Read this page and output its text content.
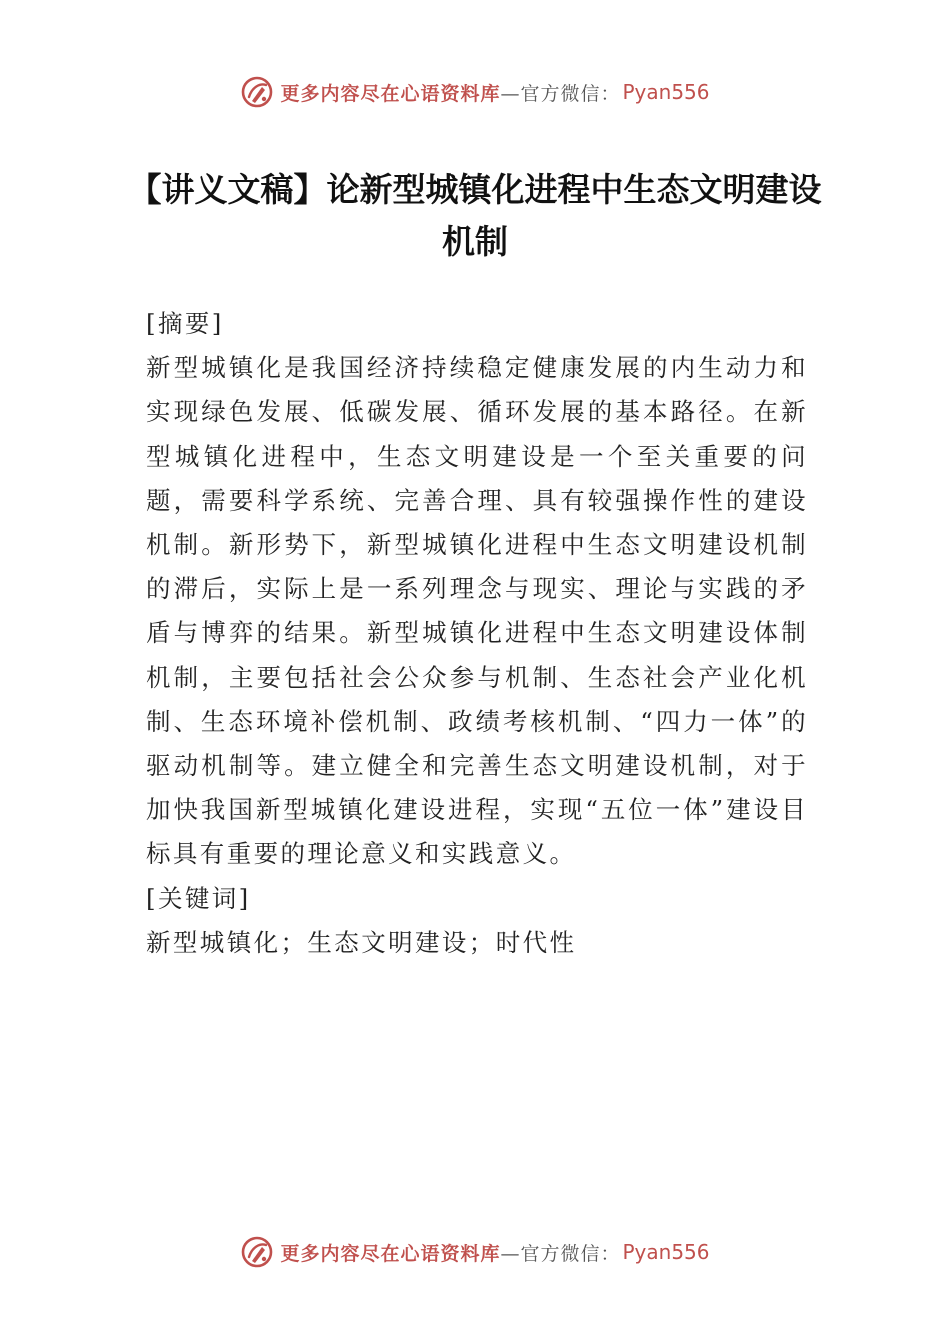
更多内容尽在心语资料库 —官方微信： Pyan556
【讲义文稿】论新型城镇化进程中生态文明建设机制

[摘要]

新型城镇化是我国经济持续稳定健康发展的内生动力和实现绿色发展、低碳发展、循环发展的基本路径。在新型城镇化进程中，生态文明建设是一个至关重要的问题，需要科学系统、完善合理、具有较强操作性的建设机制。新形势下，新型城镇化进程中生态文明建设机制的滞后，实际上是一系列理念与现实、理论与实践的矛盾与博弈的结果。新型城镇化进程中生态文明建设体制机制，主要包括社会公众参与机制、生态社会产业化机制、生态环境补偿机制、政绩考核机制、“四力一体”的驱动机制等。建立健全和完善生态文明建设机制，对于加快我国新型城镇化建设进程，实现“五位一体”建设目标具有重要的理论意义和实践意义。

[关键词]

新型城镇化；生态文明建设；时代性

更多内容尽在心语资料库 —官方微信： Pyan556
